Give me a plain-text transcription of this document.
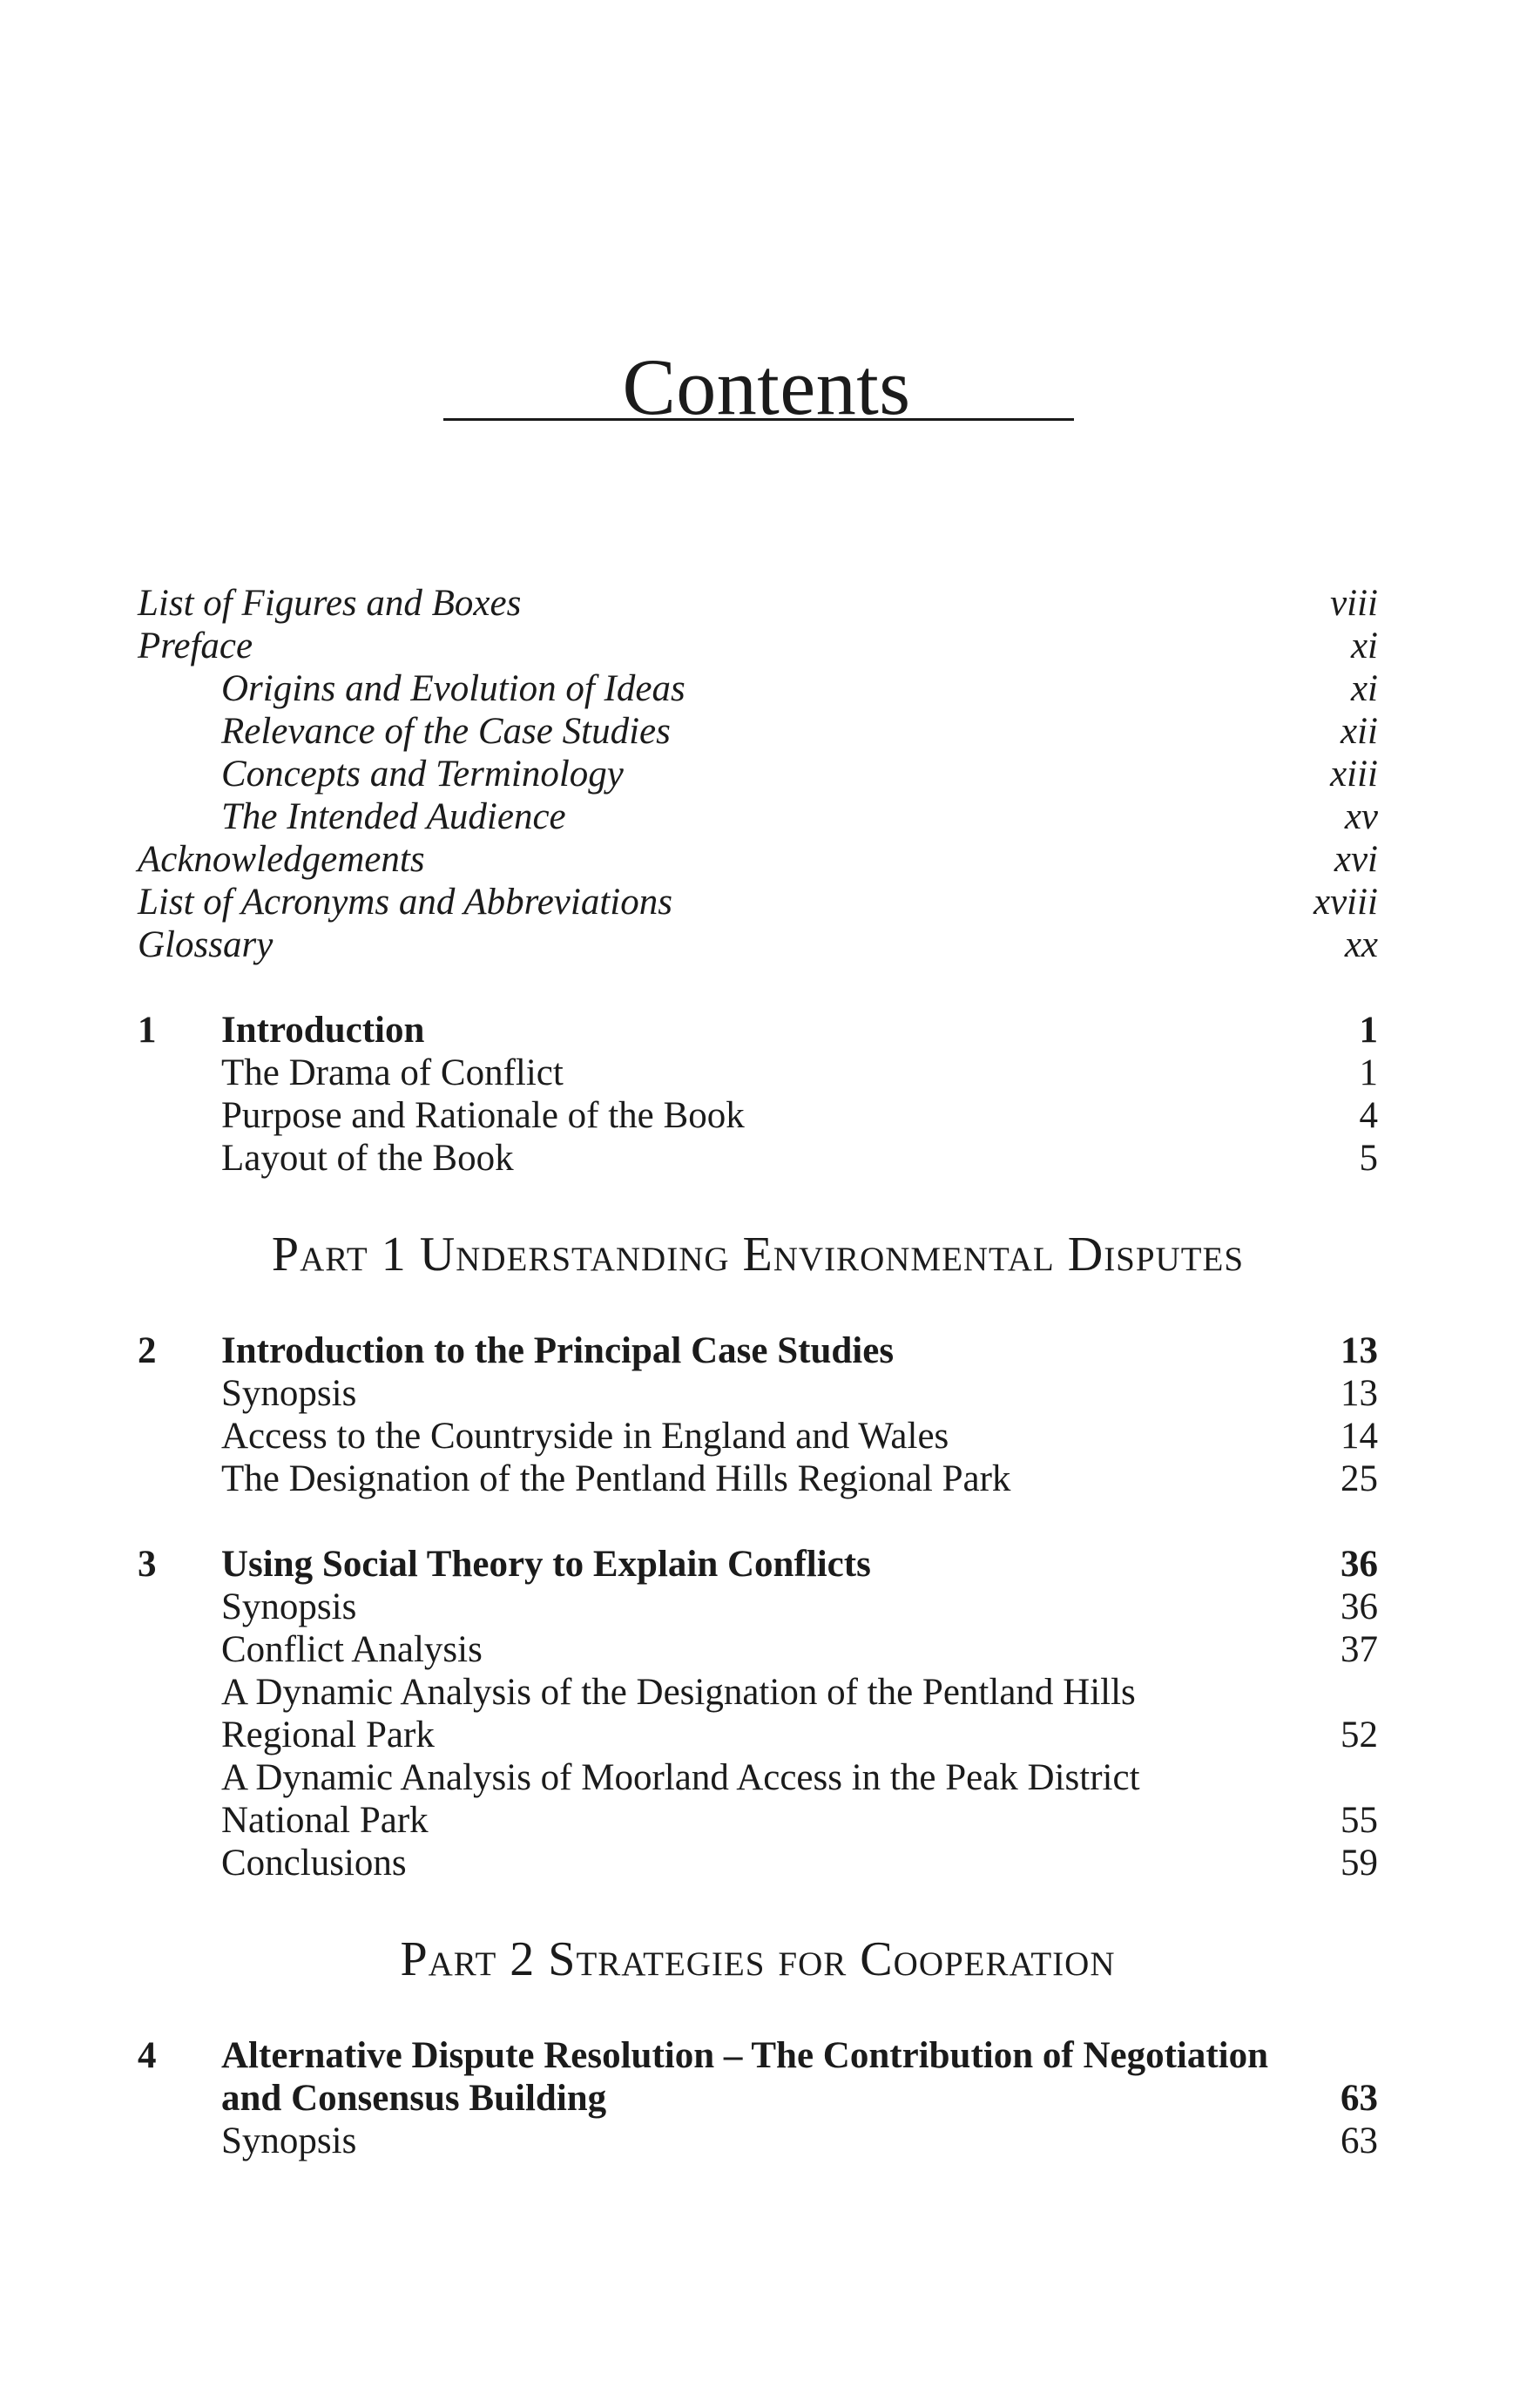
Contents
List of Figures and Boxes	viii
Preface	xi
Origins and Evolution of Ideas	xi
Relevance of the Case Studies	xii
Concepts and Terminology	xiii
The Intended Audience	xv
Acknowledgements	xvi
List of Acronyms and Abbreviations	xviii
Glossary	xx
1 Introduction	1
The Drama of Conflict	1
Purpose and Rationale of the Book	4
Layout of the Book	5
Part 1 Understanding Environmental Disputes
2 Introduction to the Principal Case Studies	13
Synopsis	13
Access to the Countryside in England and Wales	14
The Designation of the Pentland Hills Regional Park	25
3 Using Social Theory to Explain Conflicts	36
Synopsis	36
Conflict Analysis	37
A Dynamic Analysis of the Designation of the Pentland Hills
Regional Park	52
A Dynamic Analysis of Moorland Access in the Peak District
National Park	55
Conclusions	59
Part 2 Strategies for Cooperation
4 Alternative Dispute Resolution – The Contribution of Negotiation
and Consensus Building	63
Synopsis	63
